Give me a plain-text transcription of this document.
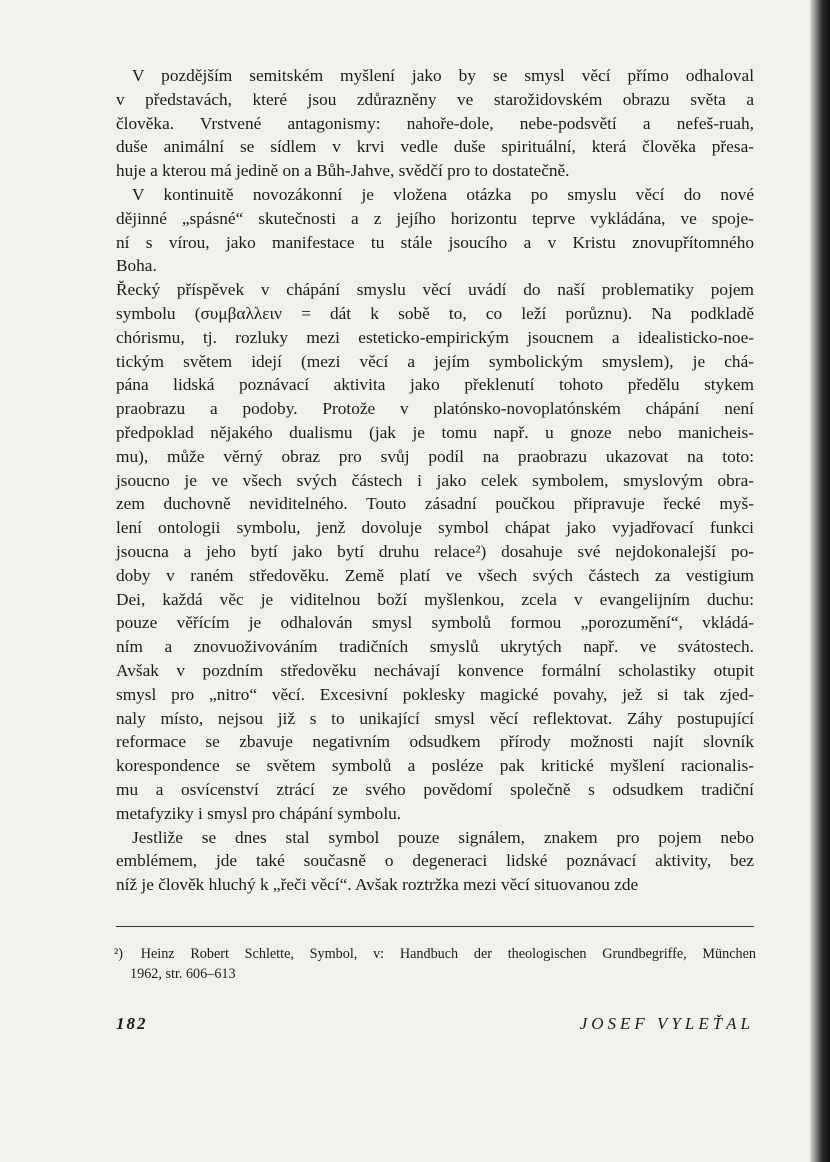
V pozdějším semitském myšlení jako by se smysl věcí přímo odhaloval
v představách, které jsou zdůrazněny ve starožidovském obrazu světa a
člověka. Vrstvené antagonismy: nahoře-dole, nebe-podsvětí a nefeš-ruah,
duše animální se sídlem v krvi vedle duše spirituální, která člověka přesa-
huje a kterou má jedině on a Bůh-Jahve, svědčí pro to dostatečně.

V kontinuitě novozákonní je vložena otázka po smyslu věcí do nové
dějinné „spásné“ skutečnosti a z jejího horizontu teprve vykládána, ve spoje-
ní s vírou, jako manifestace tu stále jsoucího a v Kristu znovupřítomného
Boha.

Řecký příspěvek v chápání smyslu věcí uvádí do naší problematiky pojem
symbolu (συμβαλλειν = dát k sobě to, co leží porůznu). Na podkladě
chórismu, tj. rozluky mezi esteticko-empirickým jsoucnem a idealisticko-noe-
tickým světem idejí (mezi věcí a jejím symbolickým smyslem), je chá-
pána lidská poznávací aktivita jako překlenutí tohoto předělu stykem
praobrazu a podoby. Protože v platónsko-novoplatónském chápání není
předpoklad nějakého dualismu (jak je tomu např. u gnoze nebo manicheis-
mu), může věrný obraz pro svůj podíl na praobrazu ukazovat na toto:
jsoucno je ve všech svých částech i jako celek symbolem, smyslovým obra-
zem duchovně neviditelného. Touto zásadní poučkou připravuje řecké myš-
lení ontologii symbolu, jenž dovoluje symbol chápat jako vyjadřovací funkci
jsoucna a jeho bytí jako bytí druhu relace²) dosahuje své nejdokonalejší po-
doby v raném středověku. Země platí ve všech svých částech za vestigium
Dei, každá věc je viditelnou boží myšlenkou, zcela v evangelijním duchu:
pouze věřícím je odhalován smysl symbolů formou „porozumění“, vkládá-
ním a znovuoživováním tradičních smyslů ukrytých např. ve svátostech.
Avšak v pozdním středověku nechávají konvence formální scholastiky otupit
smysl pro „nitro“ věcí. Excesivní poklesky magické povahy, jež si tak zjed-
naly místo, nejsou již s to unikající smysl věcí reflektovat. Záhy postupující
reformace se zbavuje negativním odsudkem přírody možnosti najít slovník
korespondence se světem symbolů a posléze pak kritické myšlení racionalis-
mu a osvícenství ztrácí ze svého povědomí společně s odsudkem tradiční
metafyziky i smysl pro chápání symbolu.

Jestliže se dnes stal symbol pouze signálem, znakem pro pojem nebo
emblémem, jde také současně o degeneraci lidské poznávací aktivity, bez
níž je člověk hluchý k „řeči věcí“. Avšak roztržka mezi věcí situovanou zde

²) Heinz Robert Schlette, Symbol, v: Handbuch der theologischen Grundbegriffe, München
1962, str. 606–613
182	JOSEF VYLEŤAL
